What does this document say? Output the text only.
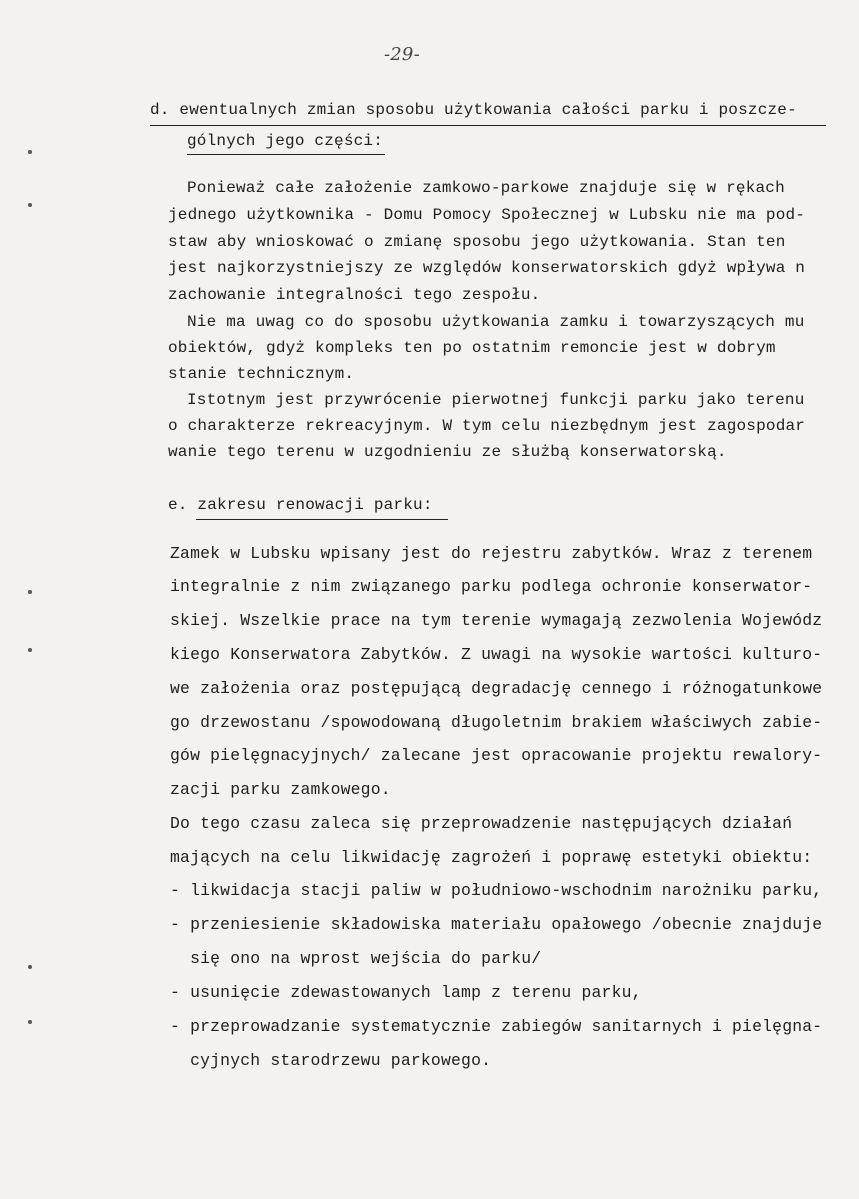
-29-
d. ewentualnych zmian sposobu użytkowania całości parku i poszcze-
gólnych jego części:
Ponieważ całe założenie zamkowo-parkowe znajduje się w rękach
jednego użytkownika - Domu Pomocy Społecznej w Lubsku nie ma pod-
staw aby wnioskować o zmianę sposobu jego użytkowania. Stan ten
jest najkorzystniejszy ze względów konserwatorskich gdyż wpływa n
zachowanie integralności tego zespołu.
Nie ma uwag co do sposobu użytkowania zamku i towarzyszących mu
obiektów, gdyż kompleks ten po ostatnim remoncie jest w dobrym
stanie technicznym.
Istotnym jest przywrócenie pierwotnej funkcji parku jako terenu
o charakterze rekreacyjnym. W tym celu niezbędnym jest zagospodar
wanie tego terenu w uzgodnieniu ze służbą konserwatorską.
e. zakresu renowacji parku:
Zamek w Lubsku wpisany jest do rejestru zabytków. Wraz z terenem
integralnie z nim związanego parku podlega ochronie konserwator-
skiej. Wszelkie prace na tym terenie wymagają zezwolenia Wojewódz
kiego Konserwatora Zabytków. Z uwagi na wysokie wartości kulturo-
we założenia oraz postępującą degradację cennego i różnogatunkowe
go drzewostanu /spowodowaną długoletnim brakiem właściwych zabie-
gów pielęgnacyjnych/ zalecane jest opracowanie projektu rewalory-
zacji parku zamkowego.
Do tego czasu zaleca się przeprowadzenie następujących działań
mających na celu likwidację zagrożeń i poprawę estetyki obiektu:
- likwidacja stacji paliw w południowo-wschodnim narożniku parku,
- przeniesienie składowiska materiału opałowego /obecnie znajduje
się ono na wprost wejścia do parku/
- usunięcie zdewastowanych lamp z terenu parku,
- przeprowadzanie systematycznie zabiegów sanitarnych i pielęgna-
cyjnych starodrzewu parkowego.
